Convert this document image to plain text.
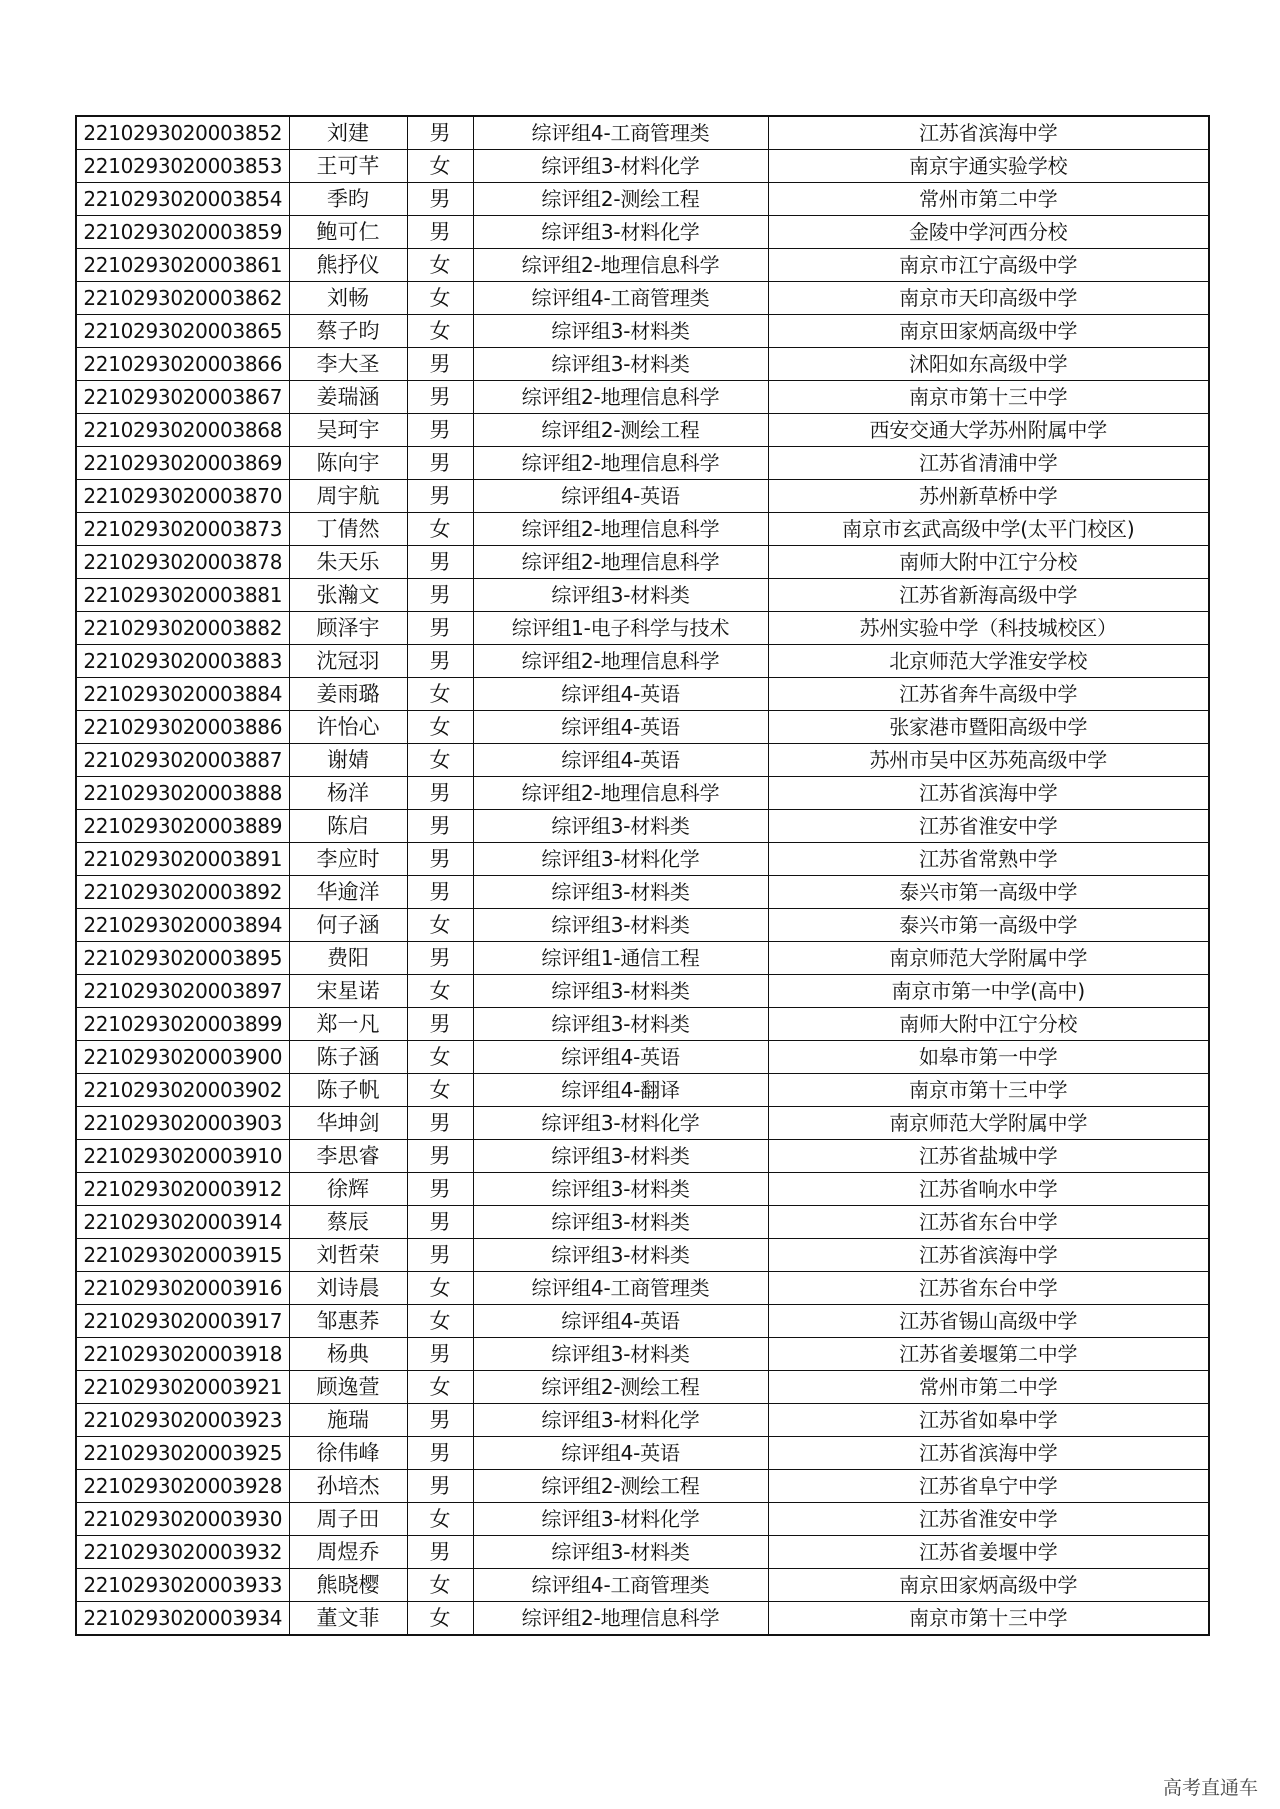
2210293020003852	刘建	男	综评组4-工商管理类	江苏省滨海中学
2210293020003853	王可芊	女	综评组3-材料化学	南京宇通实验学校
2210293020003854	季昀	男	综评组2-测绘工程	常州市第二中学
2210293020003859	鲍可仁	男	综评组3-材料化学	金陵中学河西分校
2210293020003861	熊抒仪	女	综评组2-地理信息科学	南京市江宁高级中学
2210293020003862	刘畅	女	综评组4-工商管理类	南京市天印高级中学
2210293020003865	蔡子昀	女	综评组3-材料类	南京田家炳高级中学
2210293020003866	李大圣	男	综评组3-材料类	沭阳如东高级中学
2210293020003867	姜瑞涵	男	综评组2-地理信息科学	南京市第十三中学
2210293020003868	吴珂宇	男	综评组2-测绘工程	西安交通大学苏州附属中学
2210293020003869	陈向宇	男	综评组2-地理信息科学	江苏省清浦中学
2210293020003870	周宇航	男	综评组4-英语	苏州新草桥中学
2210293020003873	丁倩然	女	综评组2-地理信息科学	南京市玄武高级中学(太平门校区)
2210293020003878	朱天乐	男	综评组2-地理信息科学	南师大附中江宁分校
2210293020003881	张瀚文	男	综评组3-材料类	江苏省新海高级中学
2210293020003882	顾泽宇	男	综评组1-电子科学与技术	苏州实验中学（科技城校区）
2210293020003883	沈冠羽	男	综评组2-地理信息科学	北京师范大学淮安学校
2210293020003884	姜雨璐	女	综评组4-英语	江苏省奔牛高级中学
2210293020003886	许怡心	女	综评组4-英语	张家港市暨阳高级中学
2210293020003887	谢婧	女	综评组4-英语	苏州市吴中区苏苑高级中学
2210293020003888	杨洋	男	综评组2-地理信息科学	江苏省滨海中学
2210293020003889	陈启	男	综评组3-材料类	江苏省淮安中学
2210293020003891	李应时	男	综评组3-材料化学	江苏省常熟中学
2210293020003892	华逾洋	男	综评组3-材料类	泰兴市第一高级中学
2210293020003894	何子涵	女	综评组3-材料类	泰兴市第一高级中学
2210293020003895	费阳	男	综评组1-通信工程	南京师范大学附属中学
2210293020003897	宋星诺	女	综评组3-材料类	南京市第一中学(高中)
2210293020003899	郑一凡	男	综评组3-材料类	南师大附中江宁分校
2210293020003900	陈子涵	女	综评组4-英语	如皋市第一中学
2210293020003902	陈子帆	女	综评组4-翻译	南京市第十三中学
2210293020003903	华坤剑	男	综评组3-材料化学	南京师范大学附属中学
2210293020003910	李思睿	男	综评组3-材料类	江苏省盐城中学
2210293020003912	徐辉	男	综评组3-材料类	江苏省响水中学
2210293020003914	蔡辰	男	综评组3-材料类	江苏省东台中学
2210293020003915	刘哲荣	男	综评组3-材料类	江苏省滨海中学
2210293020003916	刘诗晨	女	综评组4-工商管理类	江苏省东台中学
2210293020003917	邹惠荞	女	综评组4-英语	江苏省锡山高级中学
2210293020003918	杨典	男	综评组3-材料类	江苏省姜堰第二中学
2210293020003921	顾逸萱	女	综评组2-测绘工程	常州市第二中学
2210293020003923	施瑞	男	综评组3-材料化学	江苏省如皋中学
2210293020003925	徐伟峰	男	综评组4-英语	江苏省滨海中学
2210293020003928	孙培杰	男	综评组2-测绘工程	江苏省阜宁中学
2210293020003930	周子田	女	综评组3-材料化学	江苏省淮安中学
2210293020003932	周煜乔	男	综评组3-材料类	江苏省姜堰中学
2210293020003933	熊晓樱	女	综评组4-工商管理类	南京田家炳高级中学
2210293020003934	董文菲	女	综评组2-地理信息科学	南京市第十三中学
高考直通车
